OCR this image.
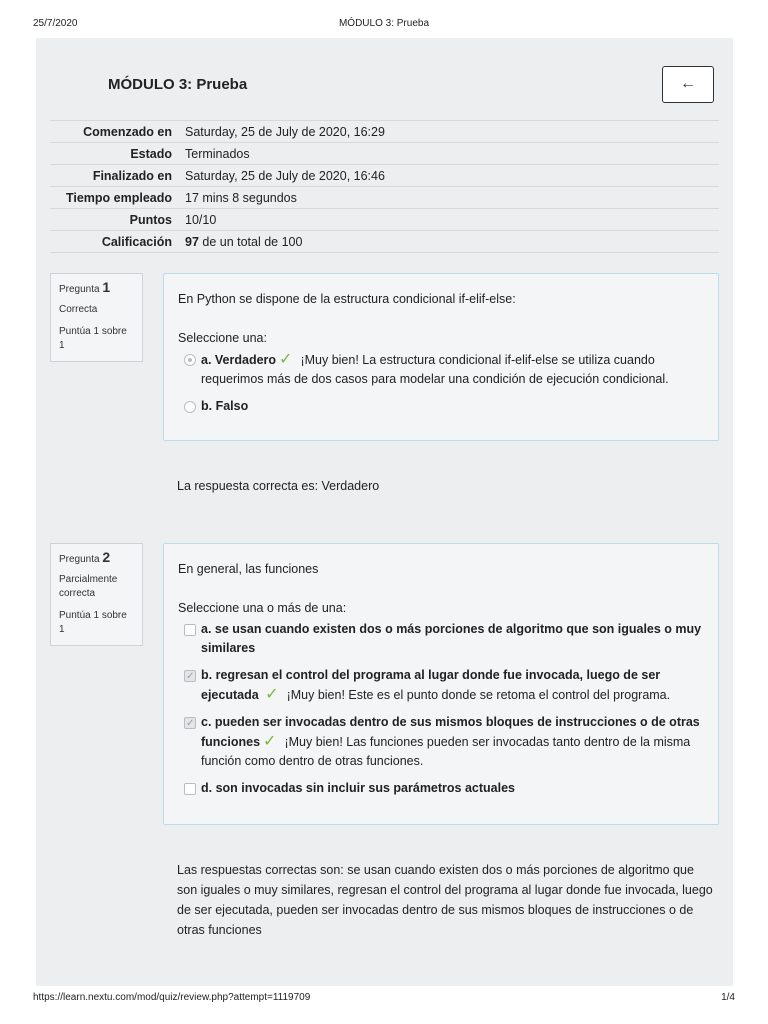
25/7/2020	MÓDULO 3: Prueba
MÓDULO 3: Prueba	←
Comenzado en	Saturday, 25 de July de 2020, 16:29
Estado	Terminados
Finalizado en	Saturday, 25 de July de 2020, 16:46
Tiempo empleado	17 mins 8 segundos
Puntos	10/10
Calificación	97 de un total de 100
Pregunta 1
Correcta
Puntúa 1 sobre 1
En Python se dispone de la estructura condicional if-elif-else:
Seleccione una:
a. Verdadero ✓ ¡Muy bien! La estructura condicional if-elif-else se utiliza cuando requerimos más de dos casos para modelar una condición de ejecución condicional.
b. Falso
La respuesta correcta es: Verdadero
Pregunta 2
Parcialmente correcta
Puntúa 1 sobre 1
En general, las funciones
Seleccione una o más de una:
a. se usan cuando existen dos o más porciones de algoritmo que son iguales o muy similares
✓
b. regresan el control del programa al lugar donde fue invocada, luego de ser ejecutada ✓ ¡Muy bien! Este es el punto donde se retoma el control del programa.
✓
c. pueden ser invocadas dentro de sus mismos bloques de instrucciones o de otras funciones ✓ ¡Muy bien! Las funciones pueden ser invocadas tanto dentro de la misma función como dentro de otras funciones.
d. son invocadas sin incluir sus parámetros actuales
Las respuestas correctas son: se usan cuando existen dos o más porciones de algoritmo que son iguales o muy similares, regresan el control del programa al lugar donde fue invocada, luego de ser ejecutada, pueden ser invocadas dentro de sus mismos bloques de instrucciones o de otras funciones
https://learn.nextu.com/mod/quiz/review.php?attempt=1119709	1/4
